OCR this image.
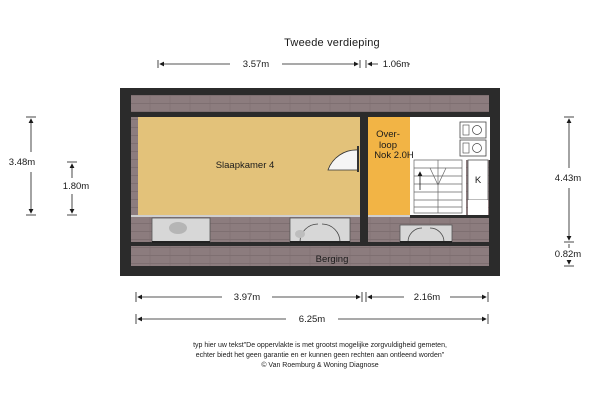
Tweede verdieping
Slaapkamer 4
Over-
loop
Nok 2.0H
Berging
K
3.57m	1.06m
3.48m
1.80m
4.43m
0.82m
3.97m	2.16m
6.25m
typ hier uw tekst"De oppervlakte is met grootst mogelijke zorgvuldigheid gemeten,
echter biedt het geen garantie en er kunnen geen rechten aan ontleend worden"
© Van Roemburg & Woning Diagnose
